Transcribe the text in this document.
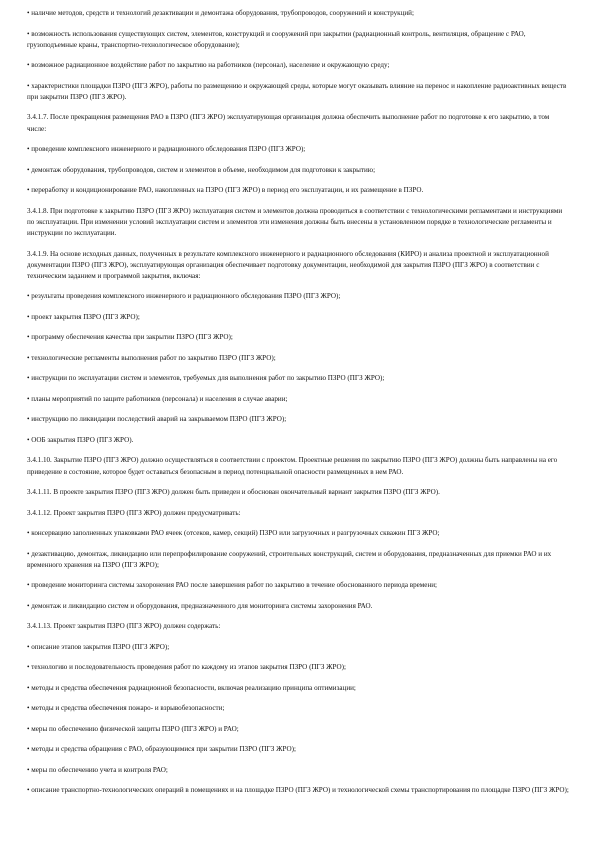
• наличие методов, средств и технологий дезактивации и демонтажа оборудования, трубопроводов, сооружений и конструкций;

• возможность использования существующих систем, элементов, конструкций и сооружений при закрытии (радиационный контроль, вентиляция, обращение с РАО, грузоподъемные краны, транспортно-технологическое оборудование);

• возможное радиационное воздействие работ по закрытию на работников (персонал), население и окружающую среду;

• характеристики площадки ПЗРО (ПГЗ ЖРО), работы по размещению и окружающей среды, которые могут оказывать влияние на перенос и накопление радиоактивных веществ при закрытии ПЗРО (ПГЗ ЖРО).

3.4.1.7. После прекращения размещения РАО в ПЗРО (ПГЗ ЖРО) эксплуатирующая организация должна обеспечить выполнение работ по подготовке к его закрытию, в том числе:

• проведение комплексного инженерного и радиационного обследования ПЗРО (ПГЗ ЖРО);

• демонтаж оборудования, трубопроводов, систем и элементов в объеме, необходимом для подготовки к закрытию;

• переработку и кондиционирование РАО, накопленных на ПЗРО (ПГЗ ЖРО) в период его эксплуатации, и их размещение в ПЗРО.

3.4.1.8. При подготовке к закрытию ПЗРО (ПГЗ ЖРО) эксплуатация систем и элементов должна проводиться в соответствии с технологическими регламентами и инструкциями по эксплуатации. При изменении условий эксплуатации систем и элементов эти изменения должны быть внесены в установленном порядке в технологические регламенты и инструкции по эксплуатации.

3.4.1.9. На основе исходных данных, полученных в результате комплексного инженерного и радиационного обследования (КИРО) и анализа проектной и эксплуатационной документации ПЗРО (ПГЗ ЖРО), эксплуатирующая организация обеспечивает подготовку документации, необходимой для закрытия ПЗРО (ПГЗ ЖРО) в соответствии с техническим заданием и программой закрытия, включая:

• результаты проведения комплексного инженерного и радиационного обследования ПЗРО (ПГЗ ЖРО);

• проект закрытия ПЗРО (ПГЗ ЖРО);

• программу обеспечения качества при закрытии ПЗРО (ПГЗ ЖРО);

• технологические регламенты выполнения работ по закрытию ПЗРО (ПГЗ ЖРО);

• инструкции по эксплуатации систем и элементов, требуемых для выполнения работ по закрытию ПЗРО (ПГЗ ЖРО);

• планы мероприятий по защите работников (персонала) и населения в случае аварии;

• инструкцию по ликвидации последствий аварий на закрываемом ПЗРО (ПГЗ ЖРО);

• ООБ закрытия ПЗРО (ПГЗ ЖРО).

3.4.1.10. Закрытие ПЗРО (ПГЗ ЖРО) должно осуществляться в соответствии с проектом. Проектные решения по закрытию ПЗРО (ПГЗ ЖРО) должны быть направлены на его приведение в состояние, которое будет оставаться безопасным в период потенциальной опасности размещенных в нем РАО.

3.4.1.11. В проекте закрытия ПЗРО (ПГЗ ЖРО) должен быть приведен и обоснован окончательный вариант закрытия ПЗРО (ПГЗ ЖРО).

3.4.1.12. Проект закрытия ПЗРО (ПГЗ ЖРО) должен предусматривать:

• консервацию заполненных упаковками РАО ячеек (отсеков, камер, секций) ПЗРО или загрузочных и разгрузочных скважин ПГЗ ЖРО;

• дезактивацию, демонтаж, ликвидацию или перепрофилирование сооружений, строительных конструкций, систем и оборудования, предназначенных для приемки РАО и их временного хранения на ПЗРО (ПГЗ ЖРО);

• проведение мониторинга системы захоронения РАО после завершения работ по закрытию в течение обоснованного периода времени;

• демонтаж и ликвидацию систем и оборудования, предназначенного для мониторинга системы захоронения РАО.

3.4.1.13. Проект закрытия ПЗРО (ПГЗ ЖРО) должен содержать:

• описание этапов закрытия ПЗРО (ПГЗ ЖРО);

• технологию и последовательность проведения работ по каждому из этапов закрытия ПЗРО (ПГЗ ЖРО);

• методы и средства обеспечения радиационной безопасности, включая реализацию принципа оптимизации;

• методы и средства обеспечения пожаро- и взрывобезопасности;

• меры по обеспечению физической защиты ПЗРО (ПГЗ ЖРО) и РАО;

• методы и средства обращения с РАО, образующимися при закрытии ПЗРО (ПГЗ ЖРО);

• меры по обеспечению учета и контроля РАО;

• описание транспортно-технологических операций в помещениях и на площадке ПЗРО (ПГЗ ЖРО) и технологической схемы транспортирования по площадке ПЗРО (ПГЗ ЖРО);
